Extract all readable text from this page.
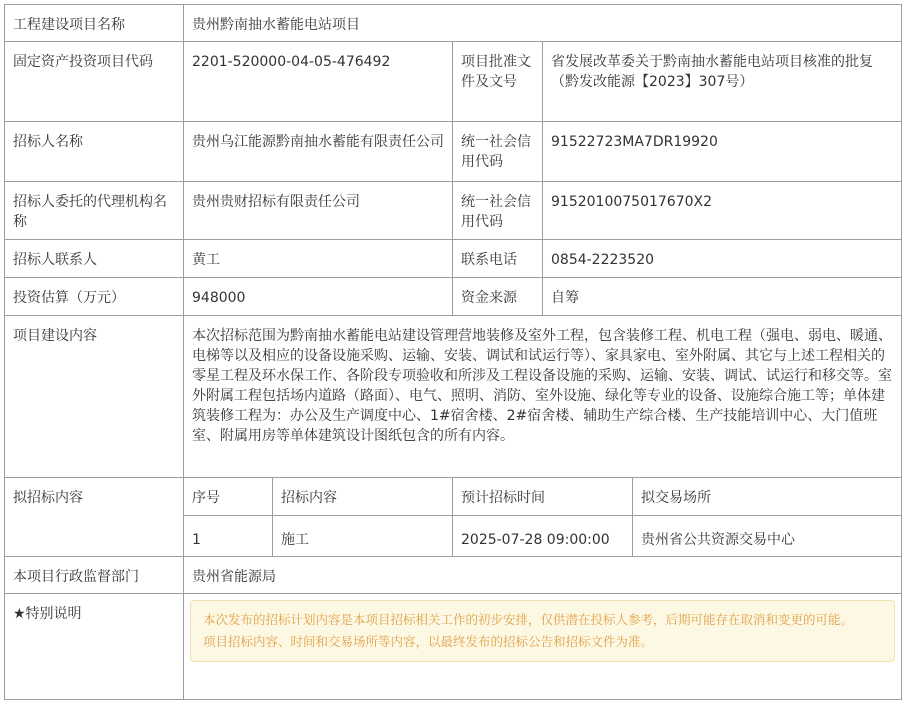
工程建设项目名称	贵州黔南抽水蓄能电站项目				
固定资产投资项目代码	2201-520000-04-05-476492		项目批准文件及文号	省发展改革委关于黔南抽水蓄能电站项目核准的批复（黔发改能源【2023】307号）	
招标人名称	贵州乌江能源黔南抽水蓄能有限责任公司		统一社会信用代码	91522723MA7DR19920	
招标人委托的代理机构名称	贵州贵财招标有限责任公司		统一社会信用代码	9152010075017670X2	
招标人联系人	黄工		联系电话	0854-2223520	
投资估算（万元）	948000		资金来源	自筹	
项目建设内容	本次招标范围为黔南抽水蓄能电站建设管理营地装修及室外工程，包含装修工程、机电工程（强电、弱电、暖通、电梯等以及相应的设备设施采购、运输、安装、调试和试运行等）、家具家电、室外附属、其它与上述工程相关的零星工程及环水保工作、各阶段专项验收和所涉及工程设备设施的采购、运输、安装、调试、试运行和移交等。室外附属工程包括场内道路（路面）、电气、照明、消防、室外设施、绿化等专业的设备、设施综合施工等；单体建筑装修工程为：办公及生产调度中心、1#宿舍楼、2#宿舍楼、辅助生产综合楼、生产技能培训中心、大门值班室、附属用房等单体建筑设计图纸包含的所有内容。				
拟招标内容	序号	招标内容	预计招标时间		拟交易场所
	1	施工	2025-07-28 09:00:00		贵州省公共资源交易中心
本项目行政监督部门	贵州省能源局				
★特别说明	本次发布的招标计划内容是本项目招标相关工作的初步安排，仅供潜在投标人参考，后期可能存在取消和变更的可能。

项目招标内容、时间和交易场所等内容，以最终发布的招标公告和招标文件为准。				
